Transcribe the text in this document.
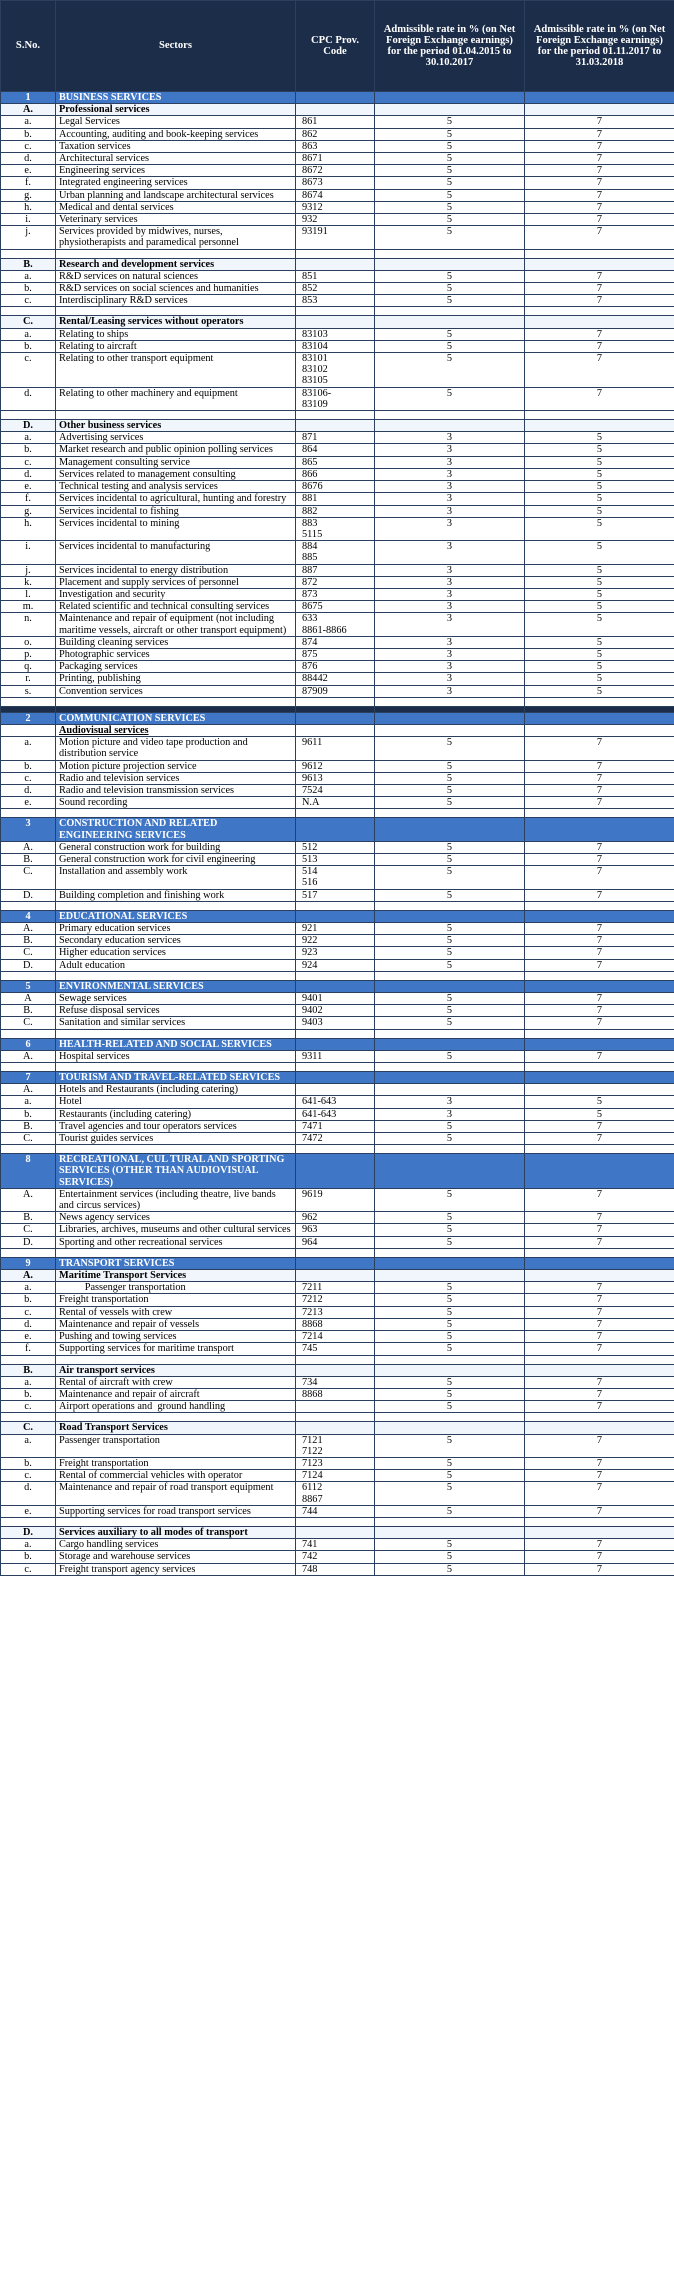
S.No.	Sectors	CPC Prov. Code	Admissible rate in % (on Net Foreign Exchange earnings) for the period 01.04.2015 to 30.10.2017	Admissible rate in % (on Net Foreign Exchange earnings) for the period 01.11.2017 to 31.03.2018
1	BUSINESS SERVICES			
A.	Professional services			
a.	Legal Services	861	5	7
b.	Accounting, auditing and book-keeping services	862	5	7
c.	Taxation services	863	5	7
d.	Architectural services	8671	5	7
e.	Engineering services	8672	5	7
f.	Integrated engineering services	8673	5	7
g.	Urban planning and landscape architectural services	8674	5	7
h.	Medical and dental services	9312	5	7
i.	Veterinary services	932	5	7
j.	Services provided by midwives, nurses, physiotherapists and paramedical personnel	93191	5	7

B.	Research and development services			
a.	R&D services on natural sciences	851	5	7
b.	R&D services on social sciences and humanities	852	5	7
c.	Interdisciplinary R&D services	853	5	7

C.	Rental/Leasing services without operators			
a.	Relating to ships	83103	5	7
b.	Relating to aircraft	83104	5	7
c.	Relating to other transport equipment	83101
83102
83105	5	7
d.	Relating to other machinery and equipment	83106-
83109	5	7

D.	Other business services			
a.	Advertising services	871	3	5
b.	Market research and public opinion polling services	864	3	5
c.	Management consulting service	865	3	5
d.	Services related to management consulting	866	3	5
e.	Technical testing and analysis services	8676	3	5
f.	Services incidental to agricultural, hunting and forestry	881	3	5
g.	Services incidental to fishing	882	3	5
h.	Services incidental to mining	883
5115	3	5
i.	Services incidental to manufacturing	884
885	3	5
j.	Services incidental to energy distribution	887	3	5
k.	Placement and supply services of personnel	872	3	5
l.	Investigation and security	873	3	5
m.	Related scientific and technical consulting services	8675	3	5
n.	Maintenance and repair of equipment (not including maritime vessels, aircraft or other transport equipment)	633
8861-8866	3	5
o.	Building cleaning services	874	3	5
p.	Photographic services	875	3	5
q.	Packaging services	876	3	5
r.	Printing, publishing	88442	3	5
s.	Convention services	87909	3	5

2	COMMUNICATION SERVICES			

	Audiovisual services			

a.	Motion picture and video tape production and distribution service	9611	5	7
b.	Motion picture projection service	9612	5	7
c.	Radio and television services	9613	5	7
d.	Radio and television transmission services	7524	5	7
e.	Sound recording	N.A	5	7

3	CONSTRUCTION AND RELATED ENGINEERING SERVICES			
A.	General construction work for building	512	5	7
B.	General construction work for civil engineering	513	5	7
C.	Installation and assembly work	514
516	5	7
D.	Building completion and finishing work	517	5	7

4	EDUCATIONAL SERVICES			
A.	Primary education services	921	5	7
B.	Secondary education services	922	5	7
C.	Higher education services	923	5	7
D.	Adult education	924	5	7

5	ENVIRONMENTAL SERVICES			
A	Sewage services	9401	5	7
B.	Refuse disposal services	9402	5	7
C.	Sanitation and similar services	9403	5	7

6	HEALTH-RELATED AND SOCIAL SERVICES			
A.	Hospital services	9311	5	7

7	TOURISM AND TRAVEL-RELATED SERVICES			
A.	Hotels and Restaurants (including catering)			
a.	Hotel	641-643	3	5
b.	Restaurants (including catering)	641-643	3	5
B.	Travel agencies and tour operators services	7471	5	7
C.	Tourist guides services	7472	5	7

8	RECREATIONAL, CUL TURAL AND SPORTING SERVICES (OTHER THAN AUDIOVISUAL SERVICES)			
A.	Entertainment services (including theatre, live bands and circus services)	9619	5	7
B.	News agency services	962	5	7
C.	Libraries, archives, museums and other cultural services	963	5	7
D.	Sporting and other recreational services	964	5	7

9	TRANSPORT SERVICES			
A.	Maritime Transport Services			
a.	Passenger transportation	7211	5	7
b.	Freight transportation	7212	5	7
c.	Rental of vessels with crew	7213	5	7
d.	Maintenance and repair of vessels	8868	5	7
e.	Pushing and towing services	7214	5	7
f.	Supporting services for maritime transport	745	5	7

B.	Air transport services			
a.	Rental of aircraft with crew	734	5	7
b.	Maintenance and repair of aircraft	8868	5	7
c.	Airport operations and  ground handling		5	7

C.	Road Transport Services			
a.	Passenger transportation	7121
7122	5	7
b.	Freight transportation	7123	5	7
c.	Rental of commercial vehicles with operator	7124	5	7
d.	Maintenance and repair of road transport equipment	6112
8867	5	7
e.	Supporting services for road transport services	744	5	7

D.	Services auxiliary to all modes of transport			
a.	Cargo handling services	741	5	7
b.	Storage and warehouse services	742	5	7
c.	Freight transport agency services	748	5	7
